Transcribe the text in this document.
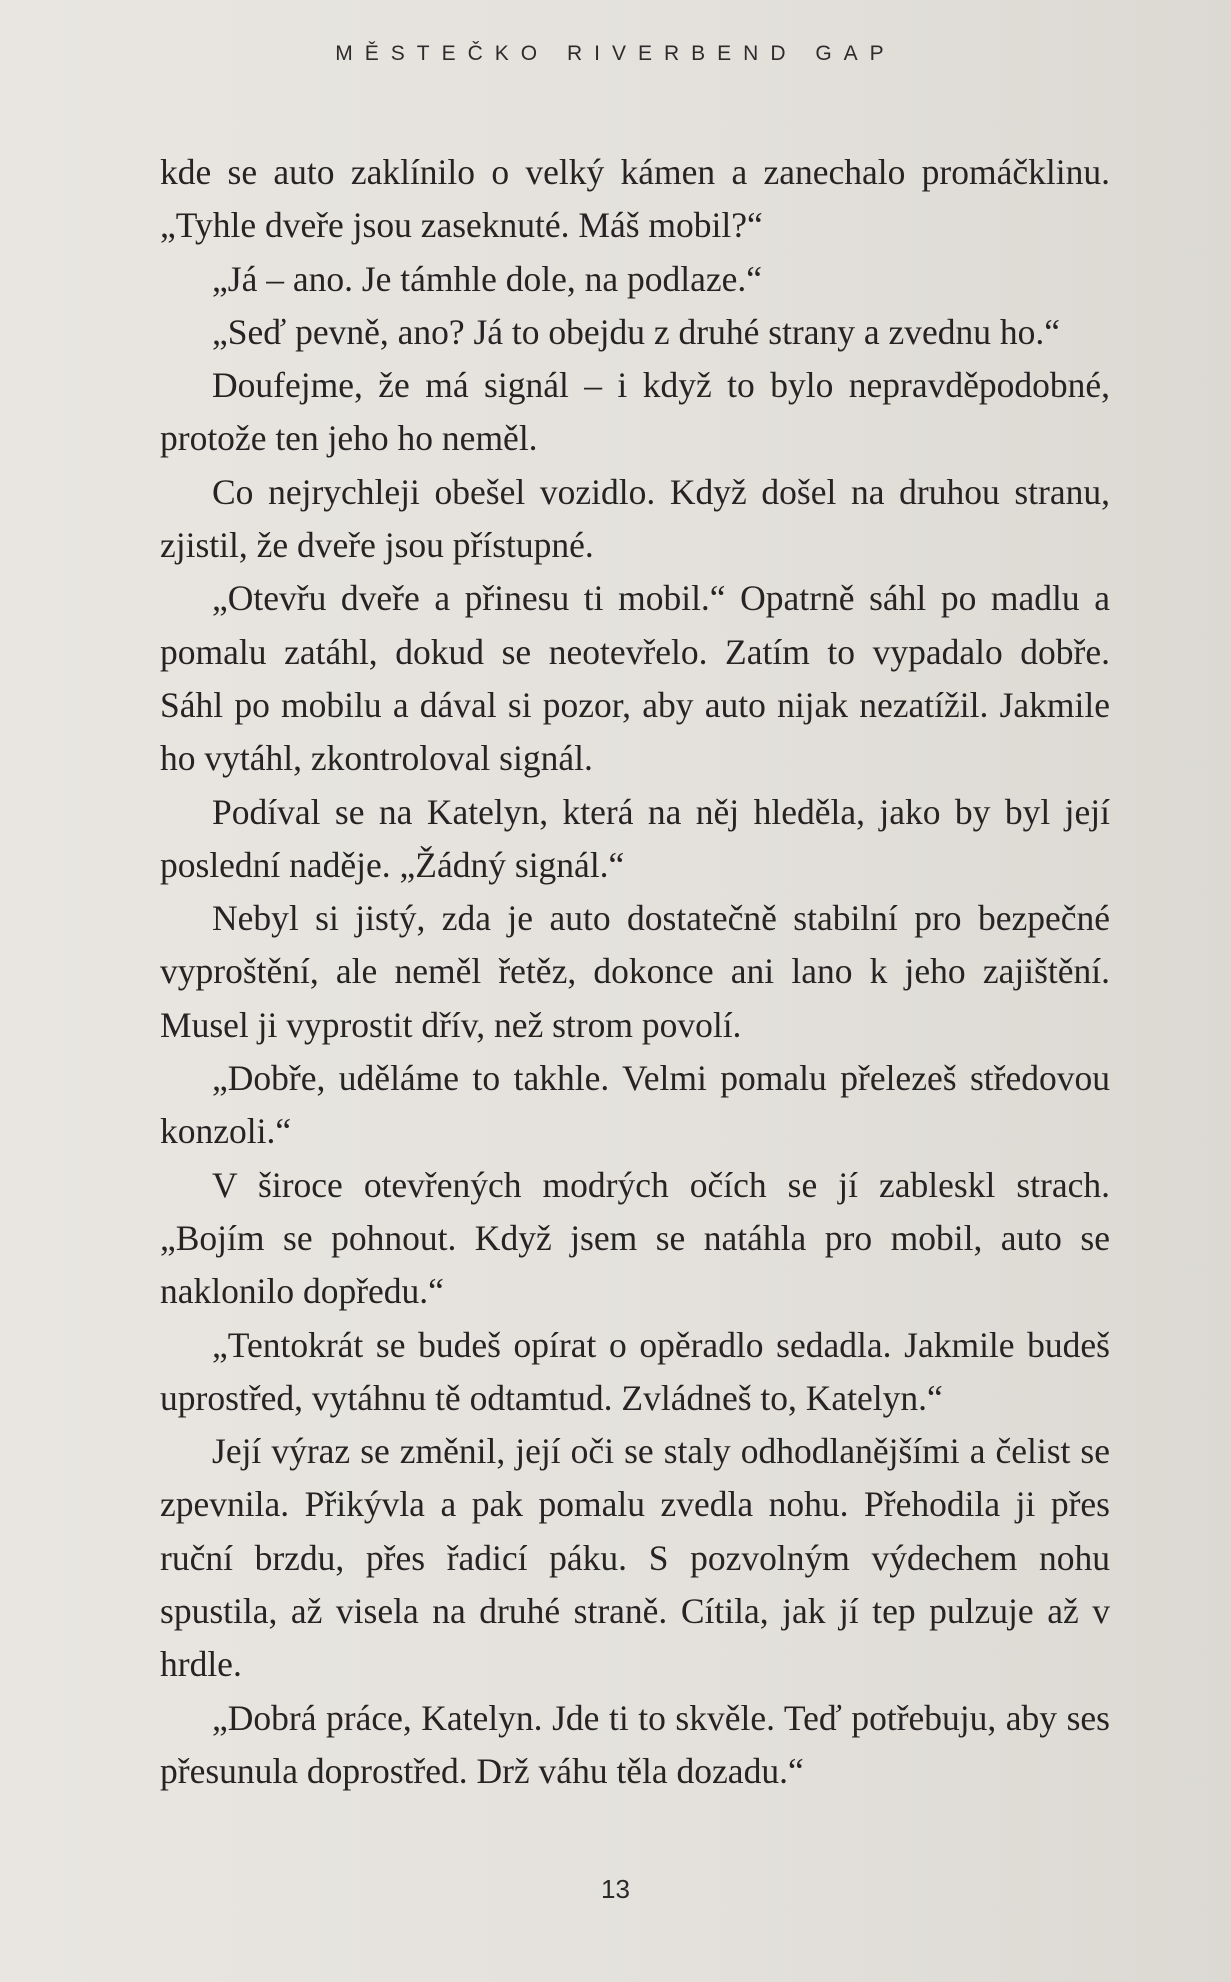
MĚSTEČKO RIVERBEND GAP

kde se auto zaklínilo o velký kámen a zanechalo promáčklinu. „Tyhle dveře jsou zaseknuté. Máš mobil?“

„Já – ano. Je támhle dole, na podlaze.“

„Seď pevně, ano? Já to obejdu z druhé strany a zvednu ho.“

Doufejme, že má signál – i když to bylo nepravděpodobné, protože ten jeho ho neměl.

Co nejrychleji obešel vozidlo. Když došel na druhou stranu, zjistil, že dveře jsou přístupné.

„Otevřu dveře a přinesu ti mobil.“ Opatrně sáhl po madlu a pomalu zatáhl, dokud se neotevřelo. Zatím to vypadalo dobře. Sáhl po mobilu a dával si pozor, aby auto nijak nezatížil. Jakmile ho vytáhl, zkontroloval signál.

Podíval se na Katelyn, která na něj hleděla, jako by byl její poslední naděje. „Žádný signál.“

Nebyl si jistý, zda je auto dostatečně stabilní pro bezpečné vyproštění, ale neměl řetěz, dokonce ani lano k jeho zajištění. Musel ji vyprostit dřív, než strom povolí.

„Dobře, uděláme to takhle. Velmi pomalu přelezeš středovou konzoli.“

V široce otevřených modrých očích se jí zableskl strach. „Bojím se pohnout. Když jsem se natáhla pro mobil, auto se naklonilo dopředu.“

„Tentokrát se budeš opírat o opěradlo sedadla. Jakmile budeš uprostřed, vytáhnu tě odtamtud. Zvládneš to, Katelyn.“

Její výraz se změnil, její oči se staly odhodlanějšími a čelist se zpevnila. Přikývla a pak pomalu zvedla nohu. Přehodila ji přes ruční brzdu, přes řadicí páku. S pozvolným výdechem nohu spustila, až visela na druhé straně. Cítila, jak jí tep pulzuje až v hrdle.

„Dobrá práce, Katelyn. Jde ti to skvěle. Teď potřebuju, aby ses přesunula doprostřed. Drž váhu těla dozadu.“

13
